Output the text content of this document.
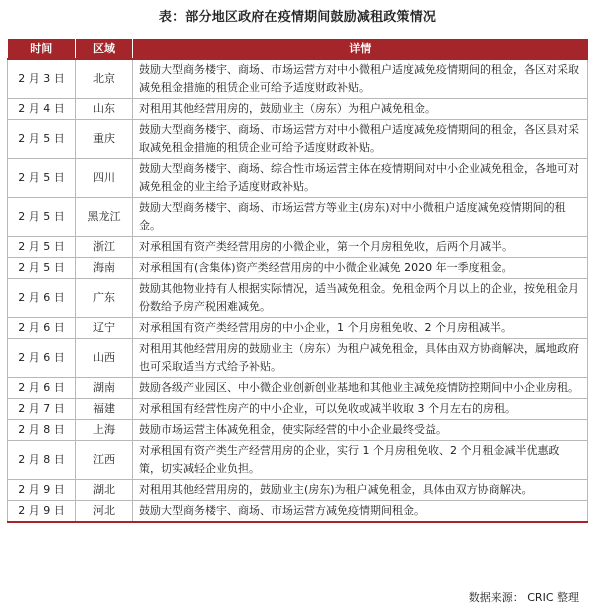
表：部分地区政府在疫情期间鼓励减租政策情况
时间	区域	详情
2 月 3 日	北京	鼓励大型商务楼宇、商场、市场运营方对中小微租户适度减免疫情期间的租金，各区对采取减免租金措施的租赁企业可给予适度财政补贴。
2 月 4 日	山东	对租用其他经营用房的，鼓励业主（房东）为租户减免租金。
2 月 5 日	重庆	鼓励大型商务楼宇、商场、市场运营方对中小微租户适度减免疫情期间的租金，各区县对采取减免租金措施的租赁企业可给予适度财政补贴。
2 月 5 日	四川	鼓励大型商务楼宇、商场、综合性市场运营主体在疫情期间对中小企业减免租金，各地可对减免租金的业主给予适度财政补贴。
2 月 5 日	黑龙江	鼓励大型商务楼宇、商场、市场运营方等业主(房东)对中小微租户适度减免疫情期间的租金。
2 月 5 日	浙江	对承租国有资产类经营用房的小微企业，第一个月房租免收，后两个月减半。
2 月 5 日	海南	对承租国有(含集体)资产类经营用房的中小微企业减免 2020 年一季度租金。
2 月 6 日	广东	鼓励其他物业持有人根据实际情况，适当减免租金。免租金两个月以上的企业，按免租金月份数给予房产税困难减免。
2 月 6 日	辽宁	对承租国有资产类经营用房的中小企业，1 个月房租免收、2 个月房租减半。
2 月 6 日	山西	对租用其他经营用房的鼓励业主（房东）为租户减免租金，具体由双方协商解决，属地政府也可采取适当方式给予补贴。
2 月 6 日	湖南	鼓励各级产业园区、中小微企业创新创业基地和其他业主减免疫情防控期间中小企业房租。
2 月 7 日	福建	对承租国有经营性房产的中小企业，可以免收或减半收取 3 个月左右的房租。
2 月 8 日	上海	鼓励市场运营主体减免租金，使实际经营的中小企业最终受益。
2 月 8 日	江西	对承租国有资产类生产经营用房的企业，实行 1 个月房租免收、2 个月租金减半优惠政策，切实减轻企业负担。
2 月 9 日	湖北	对租用其他经营用房的，鼓励业主(房东)为租户减免租金，具体由双方协商解决。
2 月 9 日	河北	鼓励大型商务楼宇、商场、市场运营方减免疫情期间租金。
数据来源： CRIC 整理
